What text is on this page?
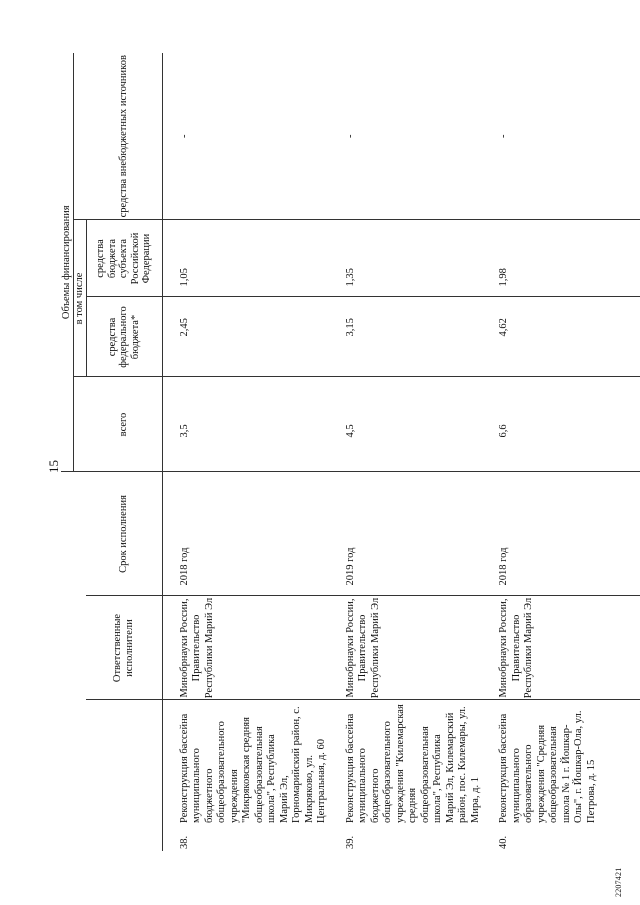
15
2207421
				Объемы финансирования			
					в том числе		
		Ответственные исполнители	Срок исполнения	всего	средства федерального бюджета*	средства бюджета субъекта Российской Федерации	средства внебюджетных источников
38.	Реконструкция бассейна муниципального бюджетного общеобразовательного учреждения "Микряковская средняя общеобразовательная школа", Республика Марий Эл, Горномарийский район, с. Микряково, ул. Центральная, д. 60	Минобрнауки России, Правительство Республики Марий Эл	2018 год	3,5	2,45	1,05	-
39.	Реконструкция бассейна муниципального бюджетного общеобразовательного учреждения "Килемарская средняя общеобразовательная школа", Республика Марий Эл, Килемарский район, пос. Килемары, ул. Мира, д. 1	Минобрнауки России, Правительство Республики Марий Эл	2019 год	4,5	3,15	1,35	-
40.	Реконструкция бассейна муниципального образовательного учреждения "Средняя общеобразовательная школа № 1 г. Йошкар-Олы", г. Йошкар-Ола, ул. Петрова, д. 15	Минобрнауки России, Правительство Республики Марий Эл	2018 год	6,6	4,62	1,98	-
